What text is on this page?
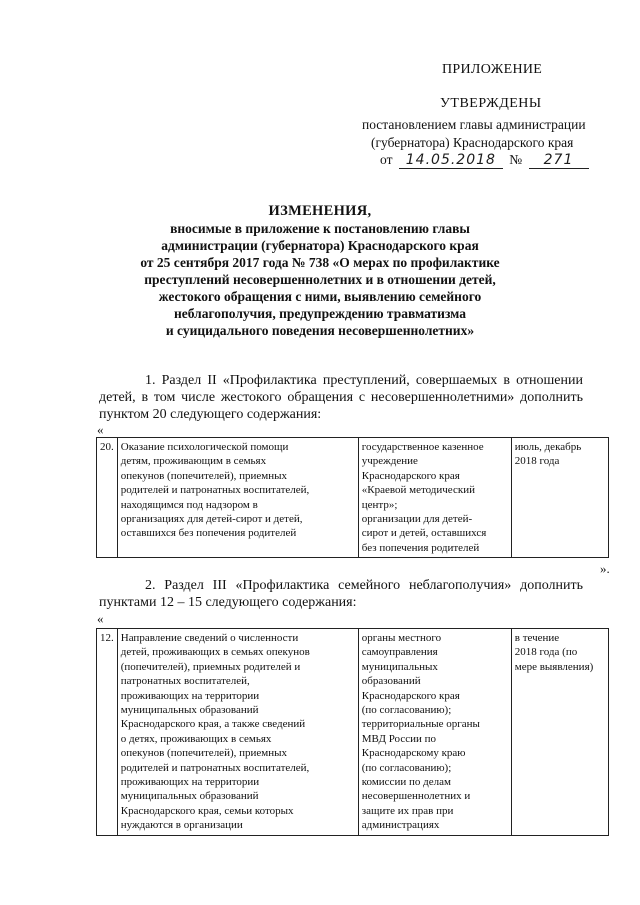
ПРИЛОЖЕНИЕ
УТВЕРЖДЕНЫ
постановлением главы администрации
(губернатора) Краснодарского края
от 14.05.2018 № 271
ИЗМЕНЕНИЯ,
вносимые в приложение к постановлению главы
администрации (губернатора) Краснодарского края
от 25 сентября 2017 года № 738 «О мерах по профилактике
преступлений несовершеннолетних и в отношении детей,
жестокого обращения с ними, выявлению семейного
неблагополучия, предупреждению травматизма
и суицидального поведения несовершеннолетних»
1. Раздел II «Профилактика преступлений, совершаемых в отношении детей, в том числе жестокого обращения с несовершеннолетними» дополнить пунктом 20 следующего содержания:
«
20.	Оказание психологической помощи
детям, проживающим в семьях
опекунов (попечителей), приемных
родителей и патронатных воспитателей,
находящимся под надзором в
организациях для детей-сирот и детей,
оставшихся без попечения родителей	государственное казенное
учреждение
Краснодарского края
«Краевой методический
центр»;
организации для детей-
сирот и детей, оставшихся
без попечения родителей	июль, декабрь
2018 года
».
2. Раздел III «Профилактика семейного неблагополучия» дополнить пунктами 12 – 15 следующего содержания:
«
12.	Направление сведений о численности
детей, проживающих в семьях опекунов
(попечителей), приемных родителей и
патронатных воспитателей,
проживающих на территории
муниципальных образований
Краснодарского края, а также сведений
о детях, проживающих в семьях
опекунов (попечителей), приемных
родителей и патронатных воспитателей,
проживающих на территории
муниципальных образований
Краснодарского края, семьи которых
нуждаются в организации	органы местного
самоуправления
муниципальных
образований
Краснодарского края
(по согласованию);
территориальные органы
МВД России по
Краснодарскому краю
(по согласованию);
комиссии по делам
несовершеннолетних и
защите их прав при
администрациях	в течение
2018 года (по
мере выявления)
